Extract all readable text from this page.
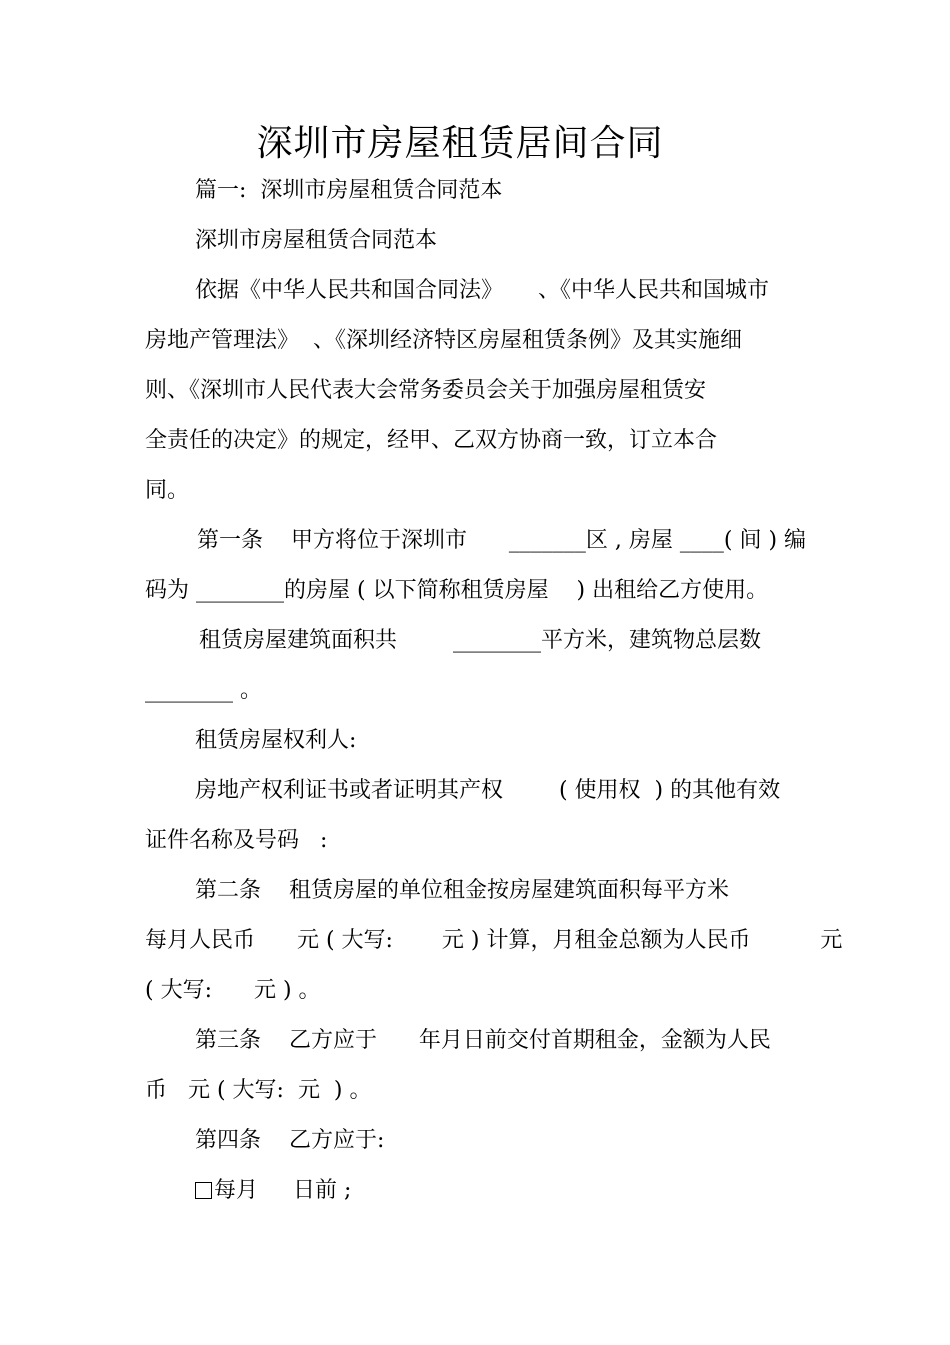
深圳市房屋租赁居间合同
篇一:  深圳市房屋租赁合同范本
深圳市房屋租赁合同范本
依据《中华人民共和国合同法》     、《中华人民共和国城市
房地产管理法》  、《深圳经济特区房屋租赁条例》及其实施细
则、《深圳市人民代表大会常务委员会关于加强房屋租赁安
全责任的决定》的规定，经甲、乙双方协商一致，订立本合
同。
第一条    甲方将位于深圳市      _______区 , 房屋 ____( 间 ) 编
码为 ________的房屋 ( 以下简称租赁房屋    ) 出租给乙方使用。
租赁房屋建筑面积共        ________平方米，建筑物总层数
________ 。
租赁房屋权利人:
房地产权利证书或者证明其产权        ( 使用权  ) 的其他有效
证件名称及号码   :
第二条    租赁房屋的单位租金按房屋建筑面积每平方米
每月人民币      元 ( 大写:       元 ) 计算，月租金总额为人民币          元
( 大写:      元 ) 。
第三条    乙方应于      年月日前交付首期租金，金额为人民
币   元 ( 大写:  元  ) 。
第四条    乙方应于:
每月     日前 ;
